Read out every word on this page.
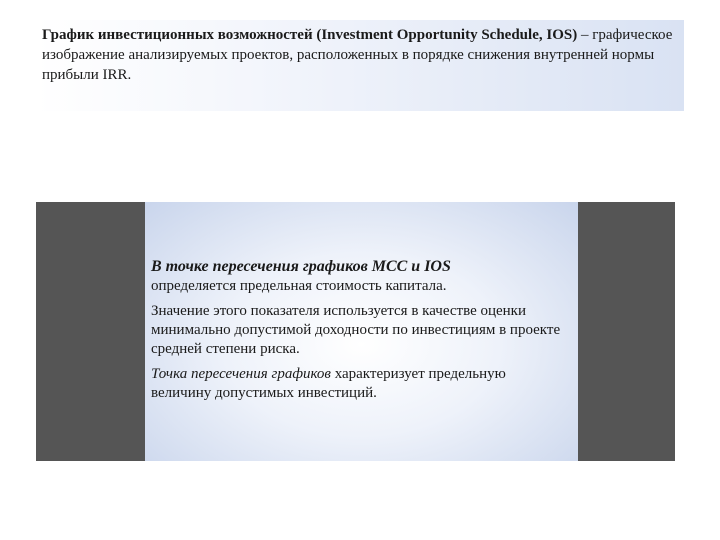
График инвестиционных возможностей (Investment Opportunity Schedule, IOS) – графическое изображение анализируемых проектов, расположенных в порядке снижения внутренней нормы прибыли IRR.

В точке пересечения графиков MCC и IOS

определяется предельная стоимость капитала.

Значение этого показателя используется в качестве оценки минимально допустимой доходности по инвестициям в проекте средней степени риска.

Точка пересечения графиков характеризует предельную величину допустимых инвестиций.
